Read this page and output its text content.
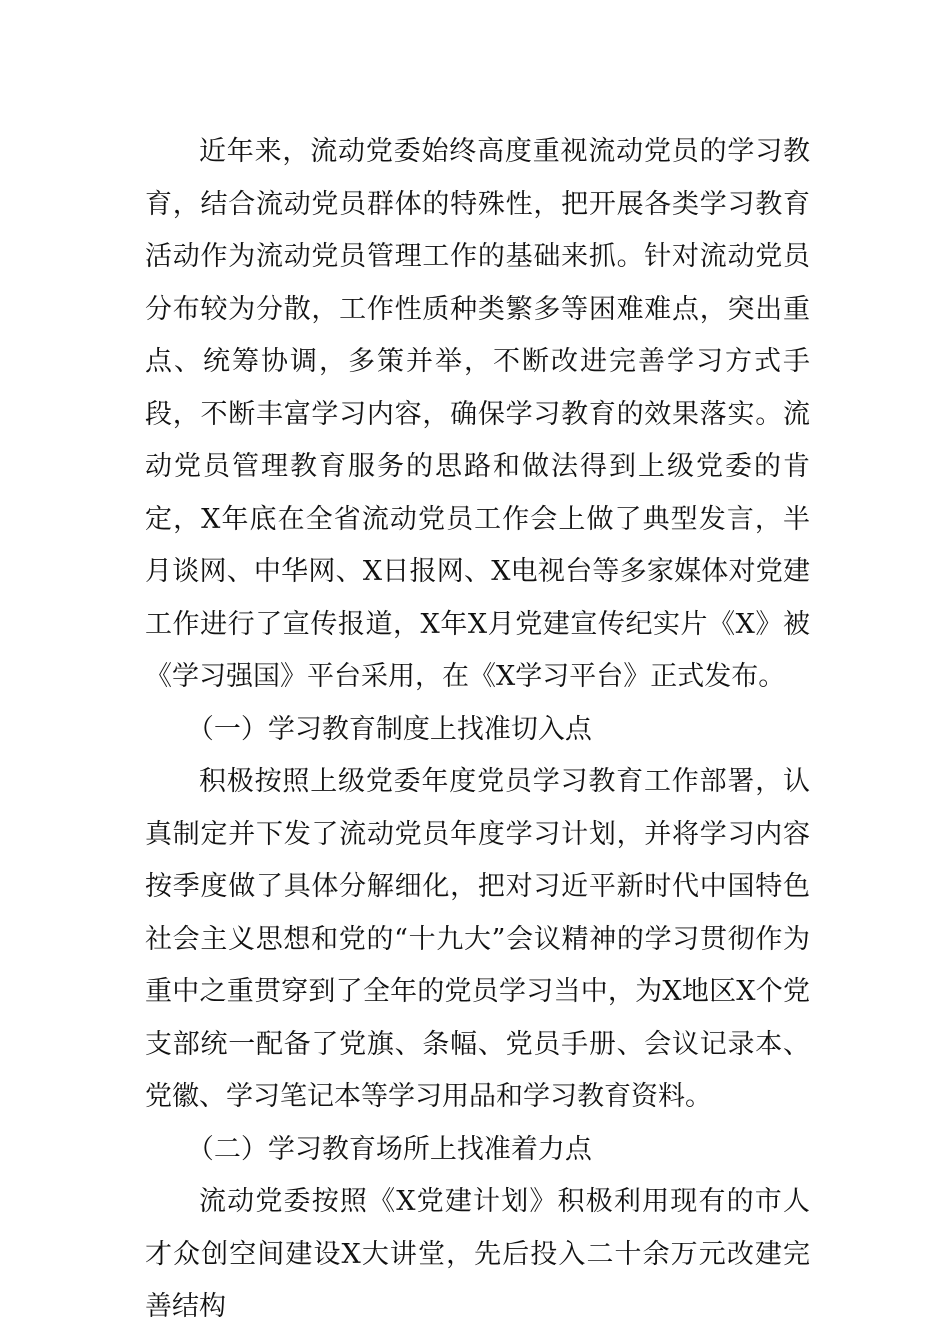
近年来，流动党委始终高度重视流动党员的学习教育，结合流动党员群体的特殊性，把开展各类学习教育活动作为流动党员管理工作的基础来抓。针对流动党员分布较为分散，工作性质种类繁多等困难难点，突出重点、统筹协调，多策并举，不断改进完善学习方式手段，不断丰富学习内容，确保学习教育的效果落实。流动党员管理教育服务的思路和做法得到上级党委的肯定，X年底在全省流动党员工作会上做了典型发言，半月谈网、中华网、X日报网、X电视台等多家媒体对党建工作进行了宣传报道，X年X月党建宣传纪实片《X》被《学习强国》平台采用，在《X学习平台》正式发布。

（一）学习教育制度上找准切入点

积极按照上级党委年度党员学习教育工作部署，认真制定并下发了流动党员年度学习计划，并将学习内容按季度做了具体分解细化，把对习近平新时代中国特色社会主义思想和党的“十九大”会议精神的学习贯彻作为重中之重贯穿到了全年的党员学习当中，为X地区X个党支部统一配备了党旗、条幅、党员手册、会议记录本、党徽、学习笔记本等学习用品和学习教育资料。

（二）学习教育场所上找准着力点

流动党委按照《X党建计划》积极利用现有的市人才众创空间建设X大讲堂，先后投入二十余万元改建完善结构
